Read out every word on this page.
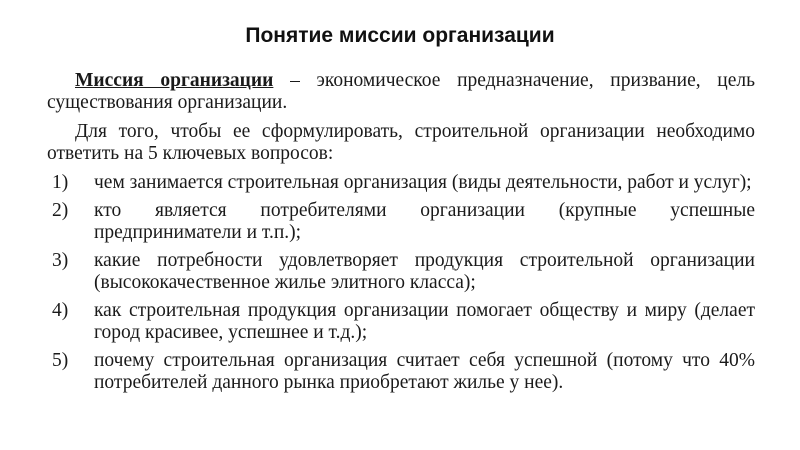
Понятие миссии организации

Миссия организации – экономическое предназначение, призвание, цель существования организации.

Для того, чтобы ее сформулировать, строительной организации необходимо ответить на 5 ключевых вопросов:

1) чем занимается строительная организация (виды деятельности, работ и услуг);
2) кто является потребителями организации (крупные успешные предприниматели и т.п.);
3) какие потребности удовлетворяет продукция строительной организации (высококачественное жилье элитного класса);
4) как строительная продукция организации помогает обществу и миру (делает город красивее, успешнее и т.д.);
5) почему строительная организация считает себя успешной (потому что 40% потребителей данного рынка приобретают жилье у нее).
